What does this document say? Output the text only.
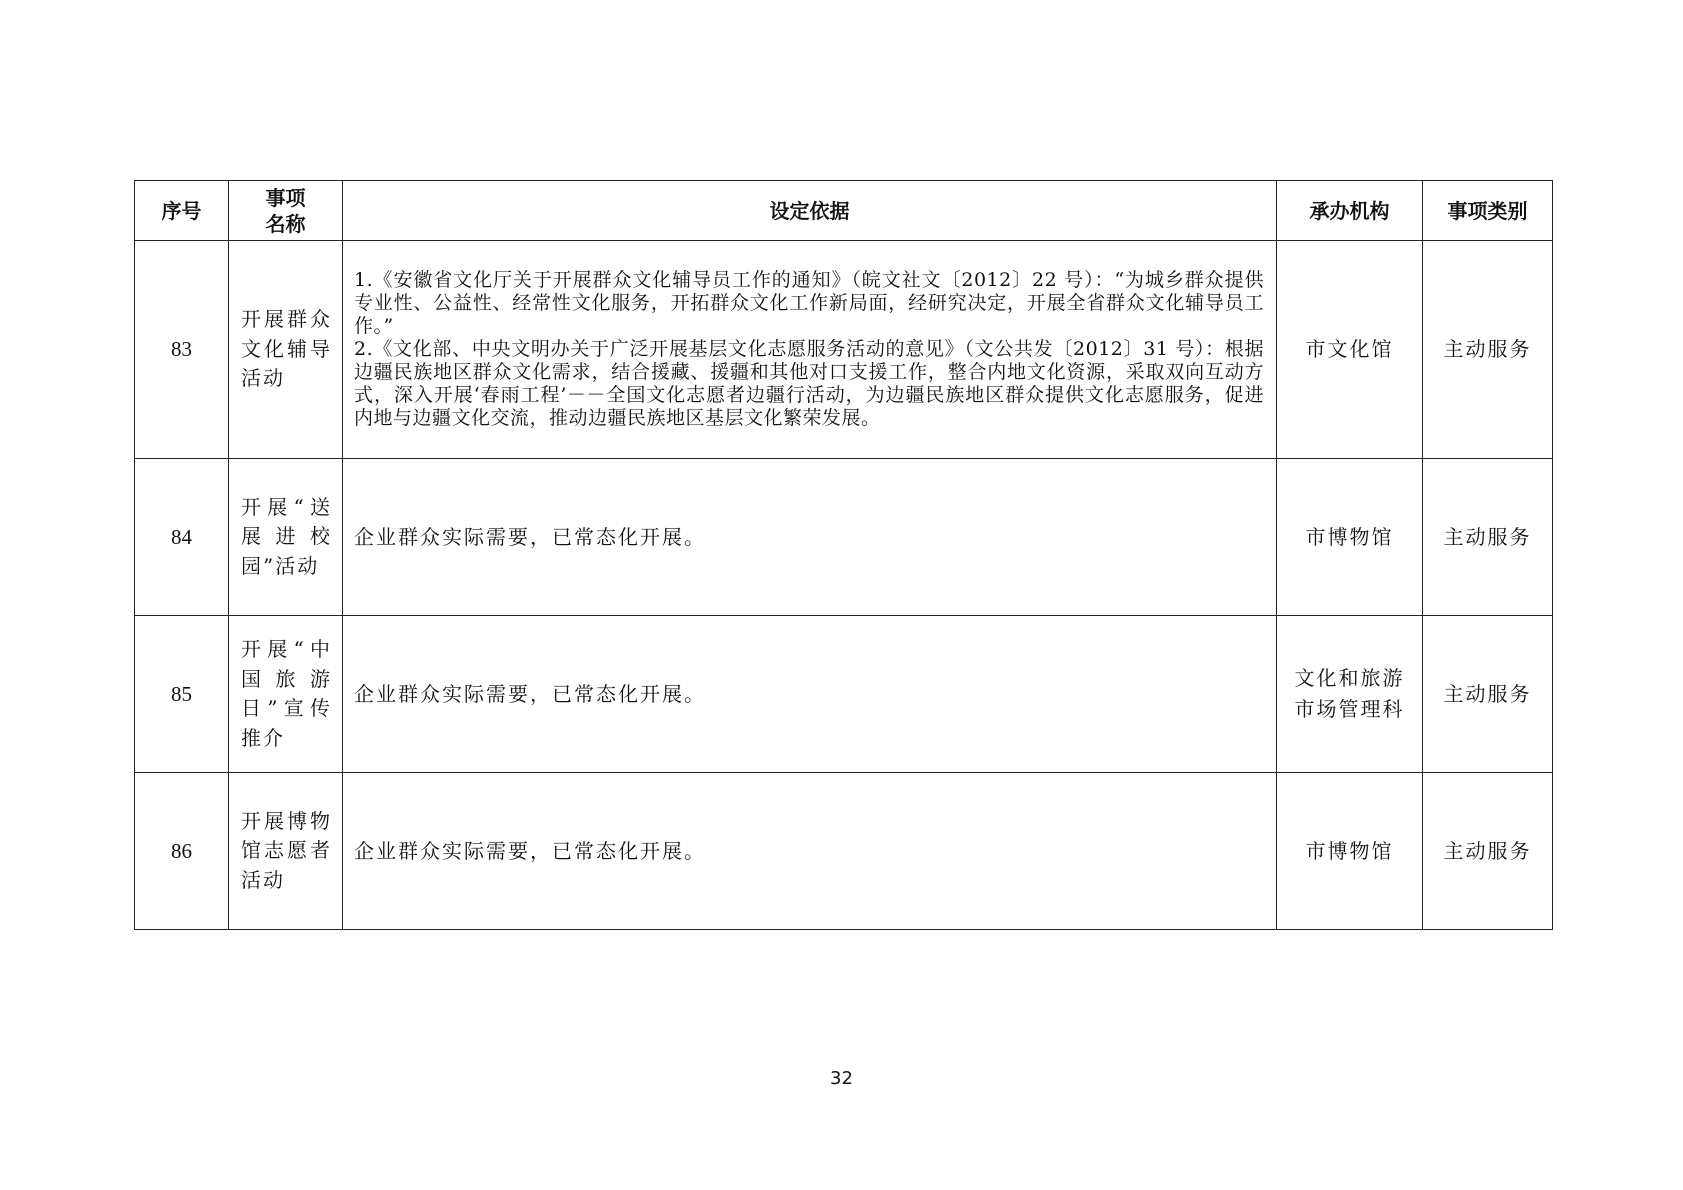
序号	事项名称	设定依据	承办机构	事项类别
83	开展群众文化辅导活动	1.《安徽省文化厅关于开展群众文化辅导员工作的通知》（皖文社文〔2012〕22 号）：“为城乡群众提供专业性、公益性、经常性文化服务，开拓群众文化工作新局面，经研究决定，开展全省群众文化辅导员工作。”
2.《文化部、中央文明办关于广泛开展基层文化志愿服务活动的意见》（文公共发〔2012〕31 号）：根据边疆民族地区群众文化需求，结合援藏、援疆和其他对口支援工作，整合内地文化资源，采取双向互动方式，深入开展‘春雨工程’－－全国文化志愿者边疆行活动，为边疆民族地区群众提供文化志愿服务，促进内地与边疆文化交流，推动边疆民族地区基层文化繁荣发展。	市文化馆	主动服务
84	开展“送展进校园”活动	企业群众实际需要，已常态化开展。	市博物馆	主动服务
85	开展“中国旅游日”宣传推介	企业群众实际需要，已常态化开展。	文化和旅游市场管理科	主动服务
86	开展博物馆志愿者活动	企业群众实际需要，已常态化开展。	市博物馆	主动服务
32
